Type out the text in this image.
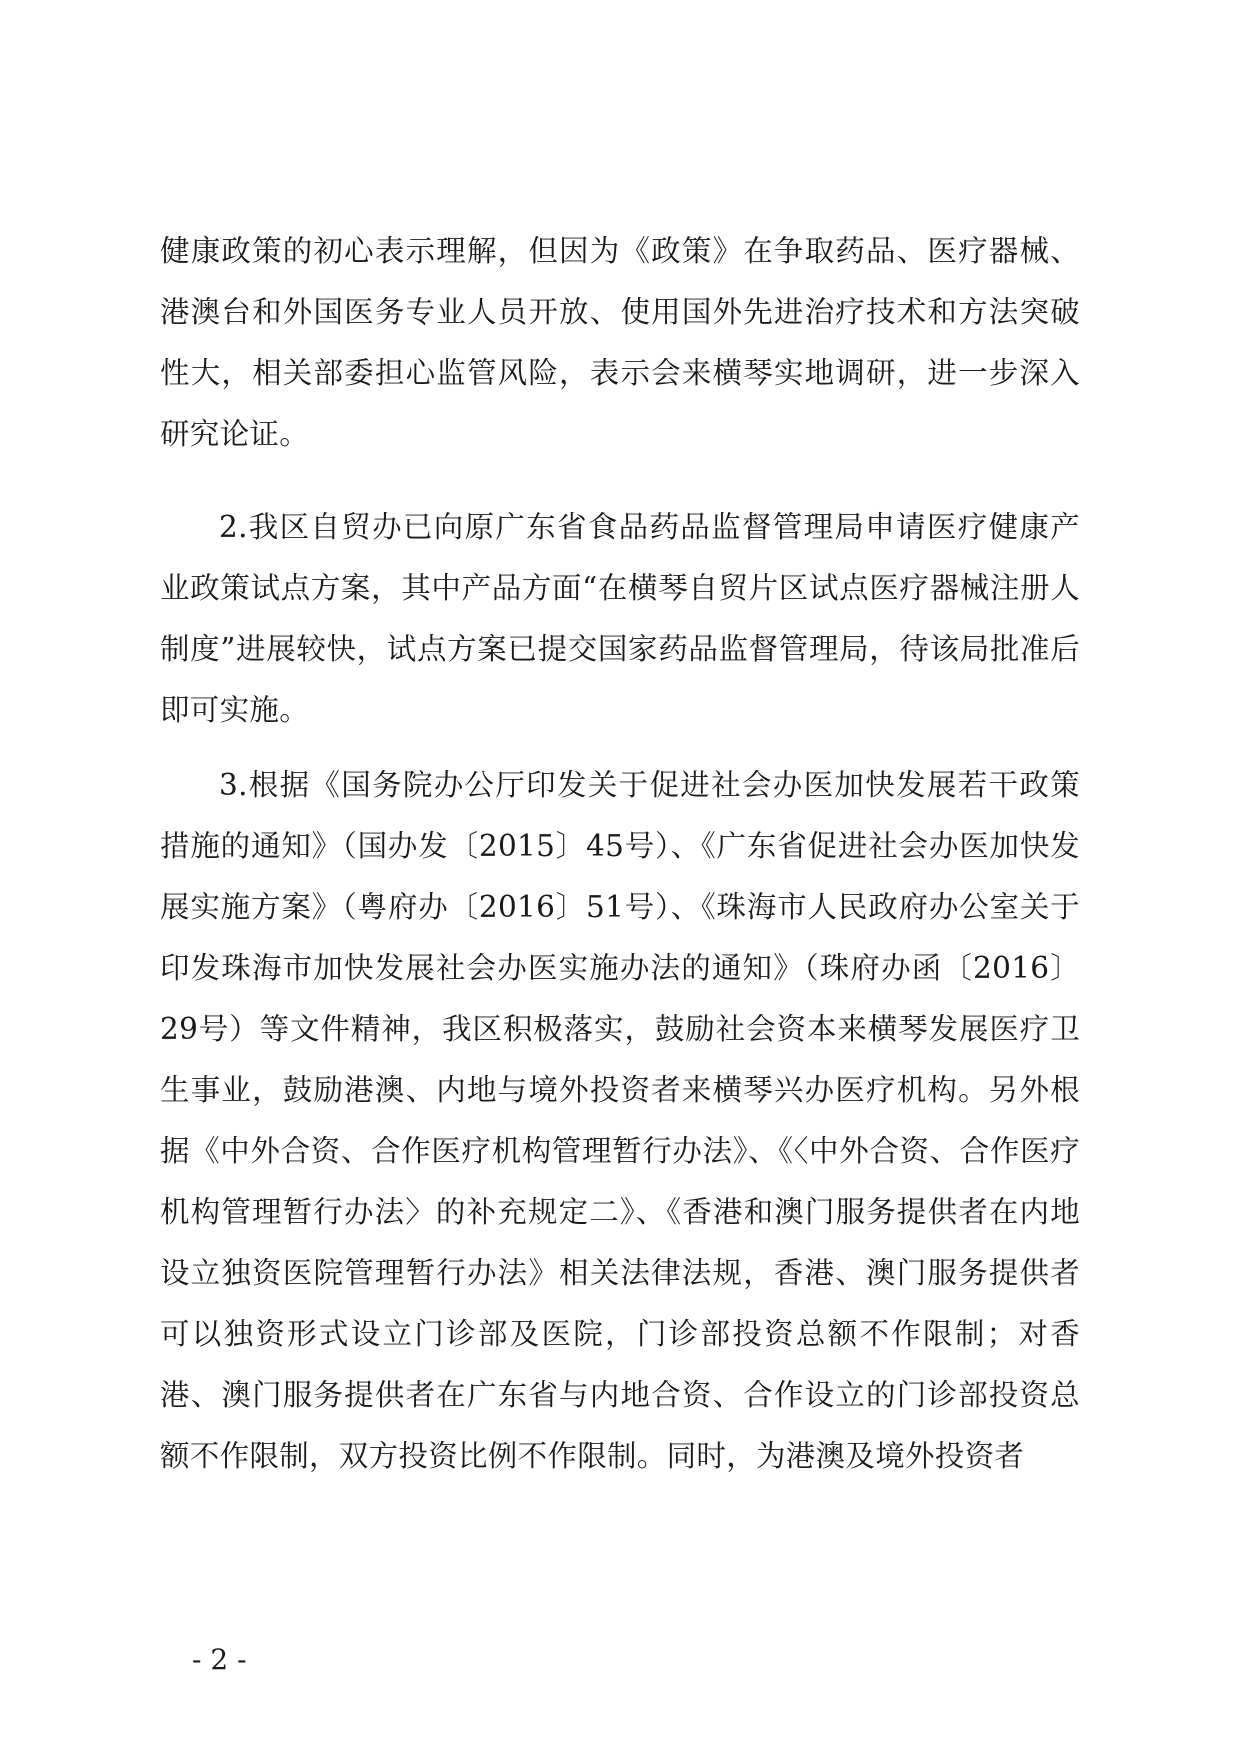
健康政策的初心表示理解，但因为《政策》在争取药品、医疗器械、港澳台和外国医务专业人员开放、使用国外先进治疗技术和方法突破性大，相关部委担心监管风险，表示会来横琴实地调研，进一步深入研究论证。

2.我区自贸办已向原广东省食品药品监督管理局申请医疗健康产业政策试点方案，其中产品方面“在横琴自贸片区试点医疗器械注册人制度”进展较快，试点方案已提交国家药品监督管理局，待该局批准后即可实施。

3.根据《国务院办公厅印发关于促进社会办医加快发展若干政策措施的通知》（国办发〔2015〕45号）、《广东省促进社会办医加快发展实施方案》（粤府办〔2016〕51号）、《珠海市人民政府办公室关于印发珠海市加快发展社会办医实施办法的通知》（珠府办函〔2016〕29号）等文件精神，我区积极落实，鼓励社会资本来横琴发展医疗卫生事业，鼓励港澳、内地与境外投资者来横琴兴办医疗机构。另外根据《中外合资、合作医疗机构管理暂行办法》、《〈中外合资、合作医疗机构管理暂行办法〉的补充规定二》、《香港和澳门服务提供者在内地设立独资医院管理暂行办法》相关法律法规，香港、澳门服务提供者可以独资形式设立门诊部及医院，门诊部投资总额不作限制；对香港、澳门服务提供者在广东省与内地合资、合作设立的门诊部投资总额不作限制，双方投资比例不作限制。同时，为港澳及境外投资者

- 2 -
